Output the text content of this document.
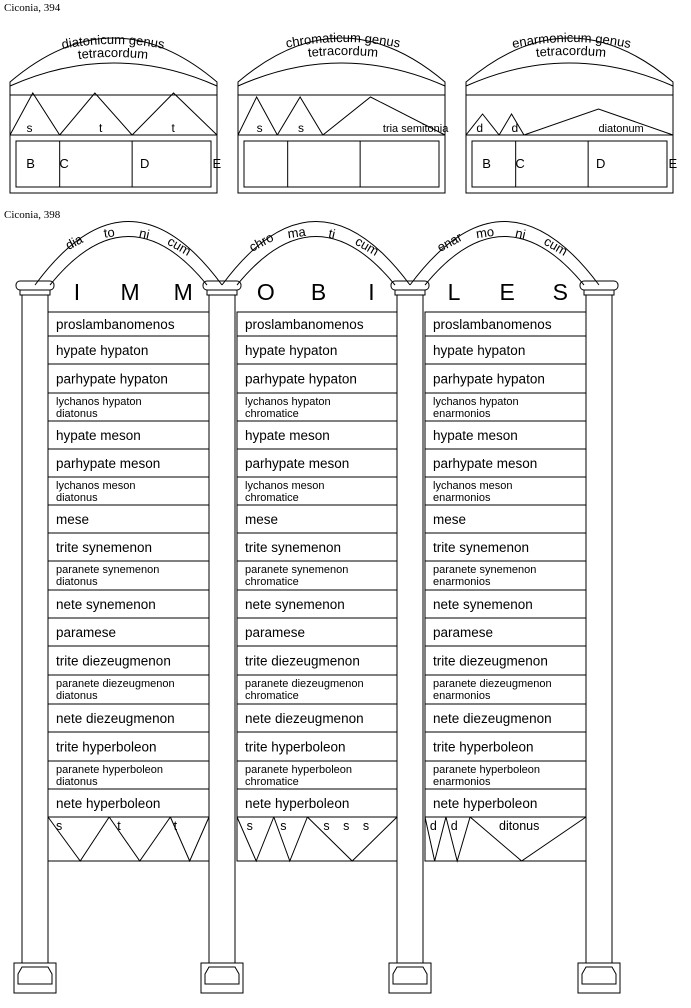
Ciconia, 394
Ciconia, 398
diatonicum genus
tetracordum
s	t	t
B C	D	E
chromaticum genus
tetracordum
s	s	tria semitonia
B C	D	E
enarmonicum genus
tetracordum
d d	diatonum
I M M	O B I	L E S
dia to ni cum	chro ma ti cum	enar mo ni cum
proslambanomenos
hypate hypaton
parhypate hypaton
lychanos hypaton
diatonus
hypate meson
parhypate meson
lychanos meson
diatonus
mese
trite synemenon
paranete synemenon
diatonus
nete synemenon
paramese
trite diezeugmenon
paranete diezeugmenon
diatonus
nete diezeugmenon
trite hyperboleon
paranete hyperboleon
diatonus
nete hyperboleon
s	t	t
proslambanomenos
hypate hypaton
parhypate hypaton
lychanos hypaton
chromatice
hypate meson
parhypate meson
lychanos meson
chromatice
mese
trite synemenon
paranete synemenon
chromatice
nete synemenon
paramese
trite diezeugmenon
paranete diezeugmenon
chromatice
nete diezeugmenon
trite hyperboleon
paranete hyperboleon
chromatice
nete hyperboleon
s s	s s s
proslambanomenos
hypate hypaton
parhypate hypaton
lychanos hypaton
enarmonios
hypate meson
parhypate meson
lychanos meson
enarmonios
mese
trite synemenon
paranete synemenon
enarmonios
nete synemenon
paramese
trite diezeugmenon
paranete diezeugmenon
enarmonios
nete diezeugmenon
trite hyperboleon
paranete hyperboleon
enarmonios
nete hyperboleon
d d	ditonus
